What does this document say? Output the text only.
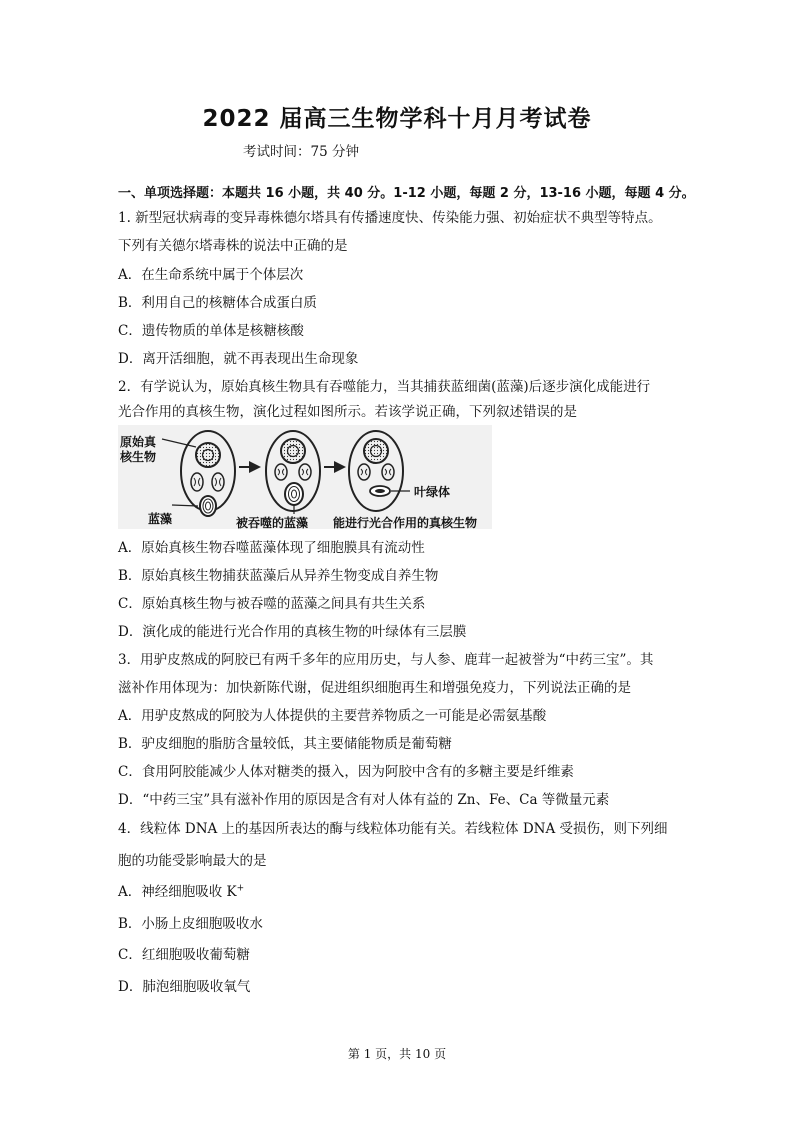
2022 届高三生物学科十月月考试卷
考试时间：75 分钟
一、单项选择题：本题共 16 小题，共 40 分。1-12 小题，每题 2 分，13-16 小题，每题 4 分。
1. 新型冠状病毒的变异毒株德尔塔具有传播速度快、传染能力强、初始症状不典型等特点。
下列有关德尔塔毒株的说法中正确的是
A．在生命系统中属于个体层次
B．利用自己的核糖体合成蛋白质
C．遗传物质的单体是核糖核酸
D．离开活细胞，就不再表现出生命现象
2．有学说认为，原始真核生物具有吞噬能力，当其捕获蓝细菌(蓝藻)后逐步演化成能进行
光合作用的真核生物，演化过程如图所示。若该学说正确，下列叙述错误的是
原始真
核生物
蓝藻	被吞噬的蓝藻 能进行光合作用的真核生物
叶绿体
A．原始真核生物吞噬蓝藻体现了细胞膜具有流动性
B．原始真核生物捕获蓝藻后从异养生物变成自养生物
C．原始真核生物与被吞噬的蓝藻之间具有共生关系
D．演化成的能进行光合作用的真核生物的叶绿体有三层膜
3．用驴皮熬成的阿胶已有两千多年的应用历史，与人参、鹿茸一起被誉为“中药三宝”。其
滋补作用体现为：加快新陈代谢，促进组织细胞再生和增强免疫力，下列说法正确的是
A．用驴皮熬成的阿胶为人体提供的主要营养物质之一可能是必需氨基酸
B．驴皮细胞的脂肪含量较低，其主要储能物质是葡萄糖
C．食用阿胶能减少人体对糖类的摄入，因为阿胶中含有的多糖主要是纤维素
D．“中药三宝”具有滋补作用的原因是含有对人体有益的 Zn、Fe、Ca 等微量元素
4．线粒体 DNA 上的基因所表达的酶与线粒体功能有关。若线粒体 DNA 受损伤，则下列细
胞的功能受影响最大的是
A．神经细胞吸收 K+
B．小肠上皮细胞吸收水
C．红细胞吸收葡萄糖
D．肺泡细胞吸收氧气
第 1 页，共 10 页
